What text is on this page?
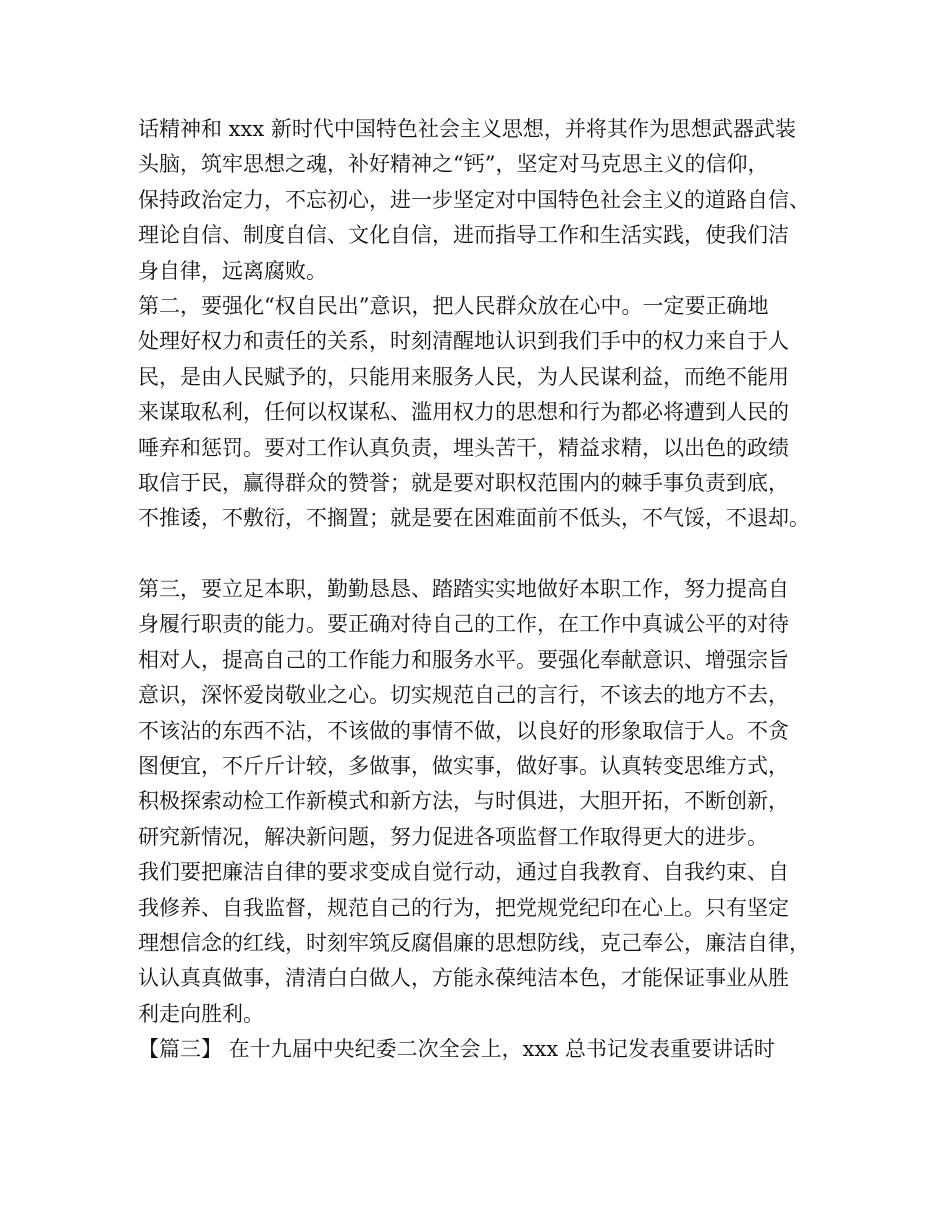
话精神和 xxx 新时代中国特色社会主义思想，并将其作为思想武器武装
头脑，筑牢思想之魂，补好精神之“钙”，坚定对马克思主义的信仰，
保持政治定力，不忘初心，进一步坚定对中国特色社会主义的道路自信、
理论自信、制度自信、文化自信，进而指导工作和生活实践，使我们洁
身自律，远离腐败。
第二，要强化“权自民出”意识，把人民群众放在心中。一定要正确地
处理好权力和责任的关系，时刻清醒地认识到我们手中的权力来自于人
民，是由人民赋予的，只能用来服务人民，为人民谋利益，而绝不能用
来谋取私利，任何以权谋私、滥用权力的思想和行为都必将遭到人民的
唾弃和惩罚。要对工作认真负责，埋头苦干，精益求精，以出色的政绩
取信于民，赢得群众的赞誉；就是要对职权范围内的棘手事负责到底，
不推诿，不敷衍，不搁置；就是要在困难面前不低头，不气馁，不退却。
第三，要立足本职，勤勤恳恳、踏踏实实地做好本职工作，努力提高自
身履行职责的能力。要正确对待自己的工作，在工作中真诚公平的对待
相对人，提高自己的工作能力和服务水平。要强化奉献意识、增强宗旨
意识，深怀爱岗敬业之心。切实规范自己的言行，不该去的地方不去，
不该沾的东西不沾，不该做的事情不做，以良好的形象取信于人。不贪
图便宜，不斤斤计较，多做事，做实事，做好事。认真转变思维方式，
积极探索动检工作新模式和新方法，与时俱进，大胆开拓，不断创新，
研究新情况，解决新问题，努力促进各项监督工作取得更大的进步。
我们要把廉洁自律的要求变成自觉行动，通过自我教育、自我约束、自
我修养、自我监督，规范自己的行为，把党规党纪印在心上。只有坚定
理想信念的红线，时刻牢筑反腐倡廉的思想防线，克己奉公，廉洁自律，
认认真真做事，清清白白做人，方能永葆纯洁本色，才能保证事业从胜
利走向胜利。
【篇三】 在十九届中央纪委二次全会上，xxx 总书记发表重要讲话时
